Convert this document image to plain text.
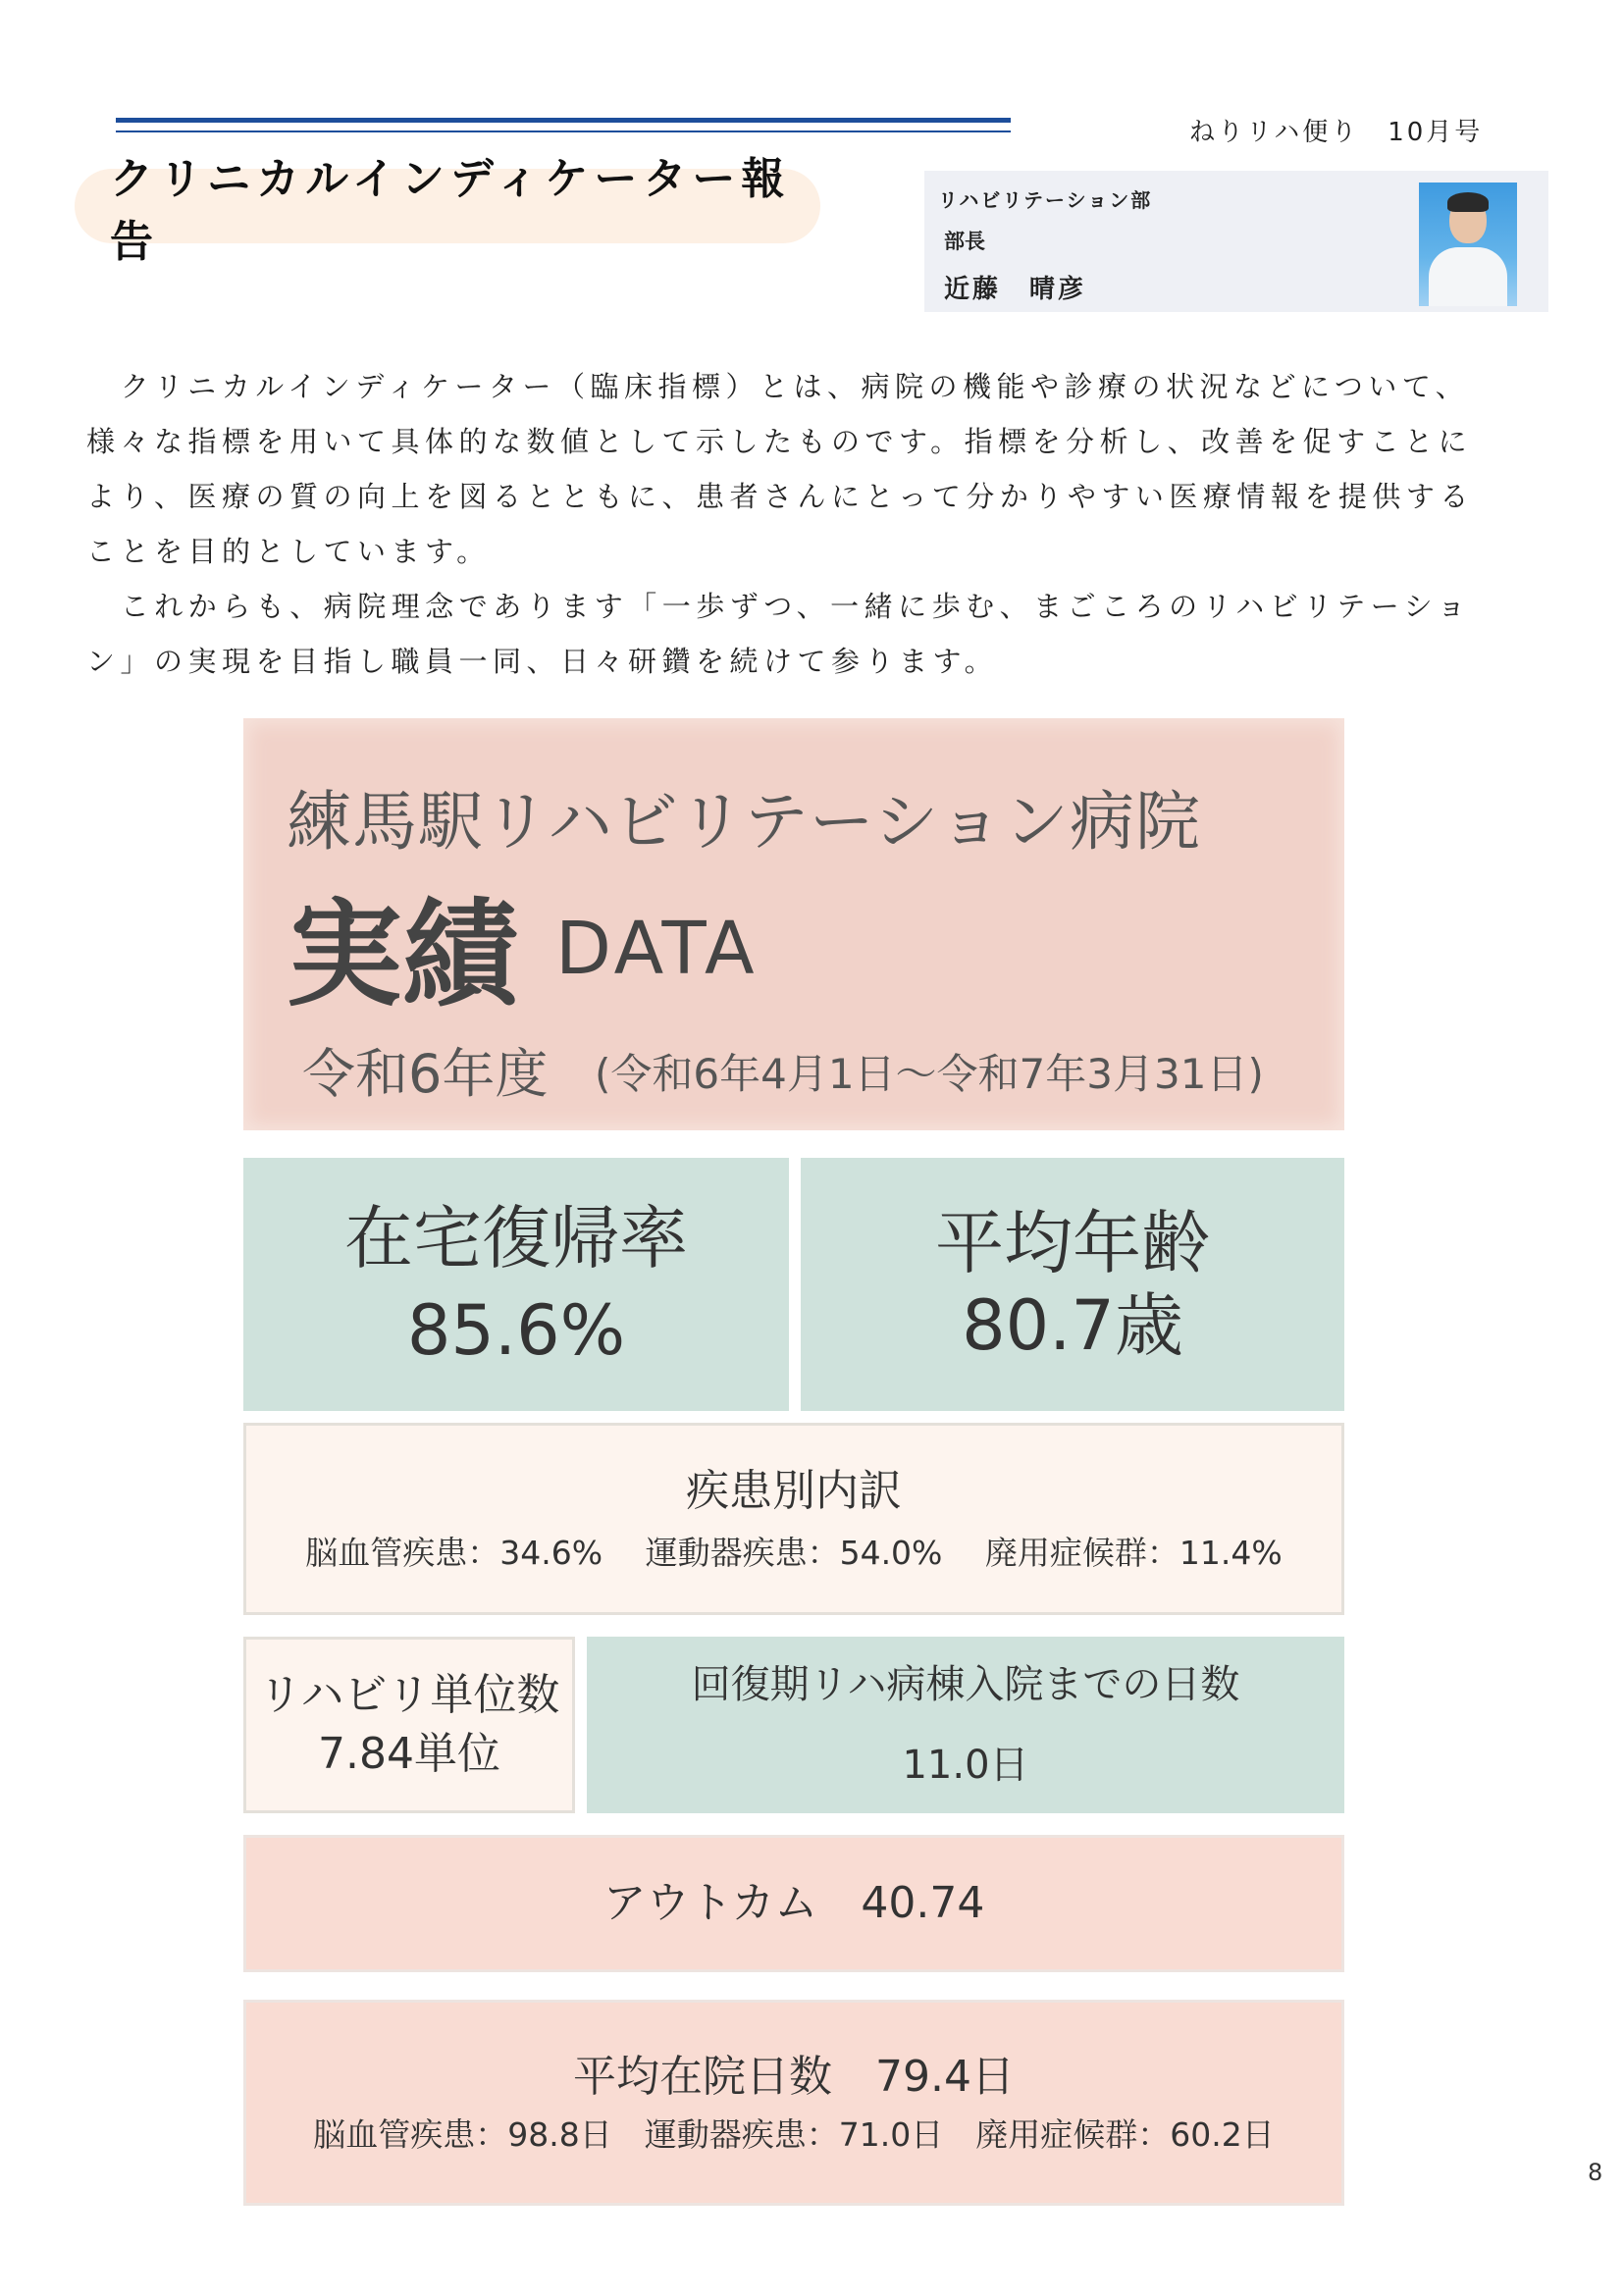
ねりリハ便り　10月号
クリニカルインディケーター報告
リハビリテーション部
部長
近藤　晴彦

クリニカルインディケーター（臨床指標）とは、病院の機能や診療の状況などについて、様々な指標を用いて具体的な数値として示したものです。指標を分析し、改善を促すことにより、医療の質の向上を図るとともに、患者さんにとって分かりやすい医療情報を提供することを目的としています。

これからも、病院理念であります「一歩ずつ、一緒に歩む、まごころのリハビリテーション」の実現を目指し職員一同、日々研鑽を続けて参ります。

練馬駅リハビリテーション病院
実績 DATA
令和6年度 (令和6年4月1日～令和7年3月31日)
在宅復帰率
85.6%
平均年齢
80.7歳
疾患別内訳
脳血管疾患：34.6%　 運動器疾患：54.0%　 廃用症候群：11.4%
リハビリ単位数
7.84単位
回復期リハ病棟入院までの日数
11.0日
アウトカム　40.74
平均在院日数　79.4日
脳血管疾患：98.8日　運動器疾患：71.0日　廃用症候群：60.2日
8
